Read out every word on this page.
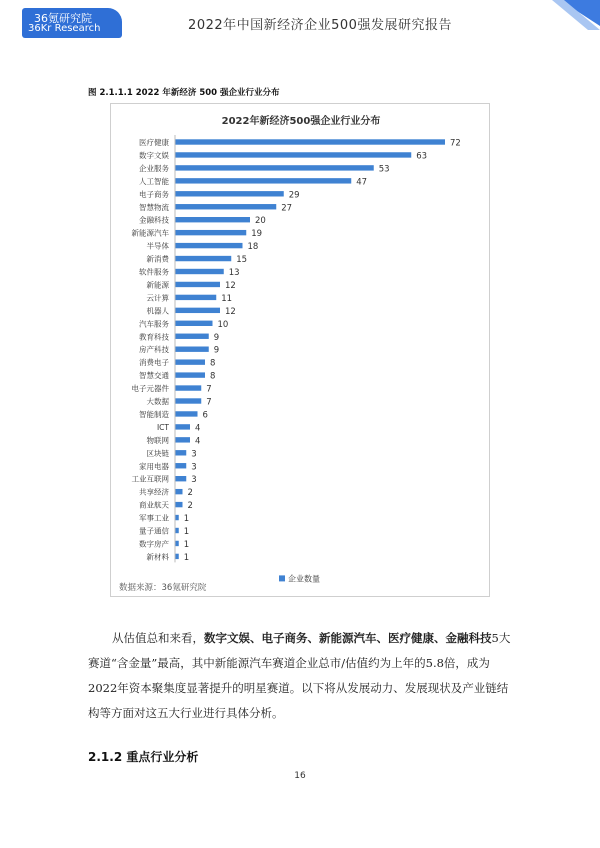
36氪研究院
36Kr Research	2022年中国新经济企业500强发展研究报告
图 2.1.1.1 2022 年新经济 500 强企业行业分布
2022年新经济500强企业行业分布
医疗健康	72
数字文娱	63
企业服务	53
人工智能	47
电子商务	29
智慧物流	27
金融科技	20
新能源汽车	19
半导体	18
新消费	15
软件服务	13
新能源	12
云计算	11
机器人	12
汽车服务	10
教育科技	9
房产科技	9
消费电子	8
智慧交通	8
电子元器件	7
大数据	7
智能制造	6
ICT	4
物联网	4
区块链	3
家用电器	3
工业互联网	3
共享经济 2
商业航天 2
军事工业 1
量子通信 1
数字房产 1
新材料 1
企业数量
数据来源：36氪研究院
从估值总和来看，数字文娱、电子商务、新能源汽车、医疗健康、金融科技5大赛道“含金量”最高，其中新能源汽车赛道企业总市/估值约为上年的5.8倍，成为2022年资本聚集度显著提升的明星赛道。以下将从发展动力、发展现状及产业链结构等方面对这五大行业进行具体分析。
2.1.2 重点行业分析
16
